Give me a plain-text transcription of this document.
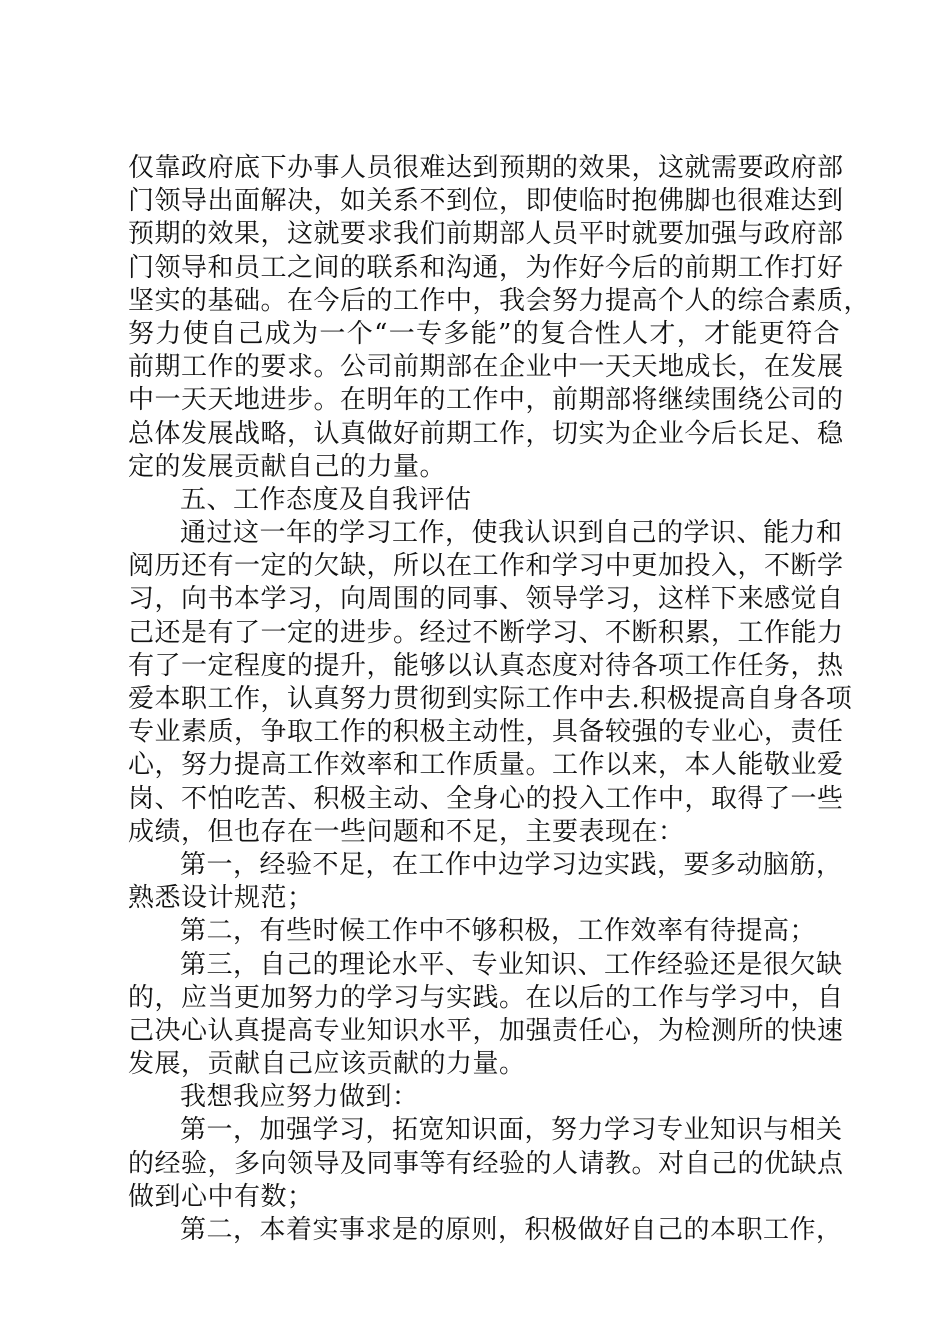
仅靠政府底下办事人员很难达到预期的效果，这就需要政府部
门领导出面解决，如关系不到位，即使临时抱佛脚也很难达到
预期的效果，这就要求我们前期部人员平时就要加强与政府部
门领导和员工之间的联系和沟通，为作好今后的前期工作打好
坚实的基础。在今后的工作中，我会努力提高个人的综合素质，
努力使自己成为一个“一专多能”的复合性人才，才能更符合
前期工作的要求。公司前期部在企业中一天天地成长，在发展
中一天天地进步。在明年的工作中，前期部将继续围绕公司的
总体发展战略，认真做好前期工作，切实为企业今后长足、稳
定的发展贡献自己的力量。
五、工作态度及自我评估
通过这一年的学习工作，使我认识到自己的学识、能力和
阅历还有一定的欠缺，所以在工作和学习中更加投入，不断学
习，向书本学习，向周围的同事、领导学习，这样下来感觉自
己还是有了一定的进步。经过不断学习、不断积累，工作能力
有了一定程度的提升，能够以认真态度对待各项工作任务，热
爱本职工作，认真努力贯彻到实际工作中去.积极提高自身各项
专业素质，争取工作的积极主动性，具备较强的专业心，责任
心，努力提高工作效率和工作质量。工作以来，本人能敬业爱
岗、不怕吃苦、积极主动、全身心的投入工作中，取得了一些
成绩，但也存在一些问题和不足，主要表现在：
第一，经验不足，在工作中边学习边实践，要多动脑筋，
熟悉设计规范；
第二，有些时候工作中不够积极，工作效率有待提高；
第三，自己的理论水平、专业知识、工作经验还是很欠缺
的，应当更加努力的学习与实践。在以后的工作与学习中，自
己决心认真提高专业知识水平，加强责任心，为检测所的快速
发展，贡献自己应该贡献的力量。
我想我应努力做到：
第一，加强学习，拓宽知识面，努力学习专业知识与相关
的经验，多向领导及同事等有经验的人请教。对自己的优缺点
做到心中有数；
第二，本着实事求是的原则，积极做好自己的本职工作，
